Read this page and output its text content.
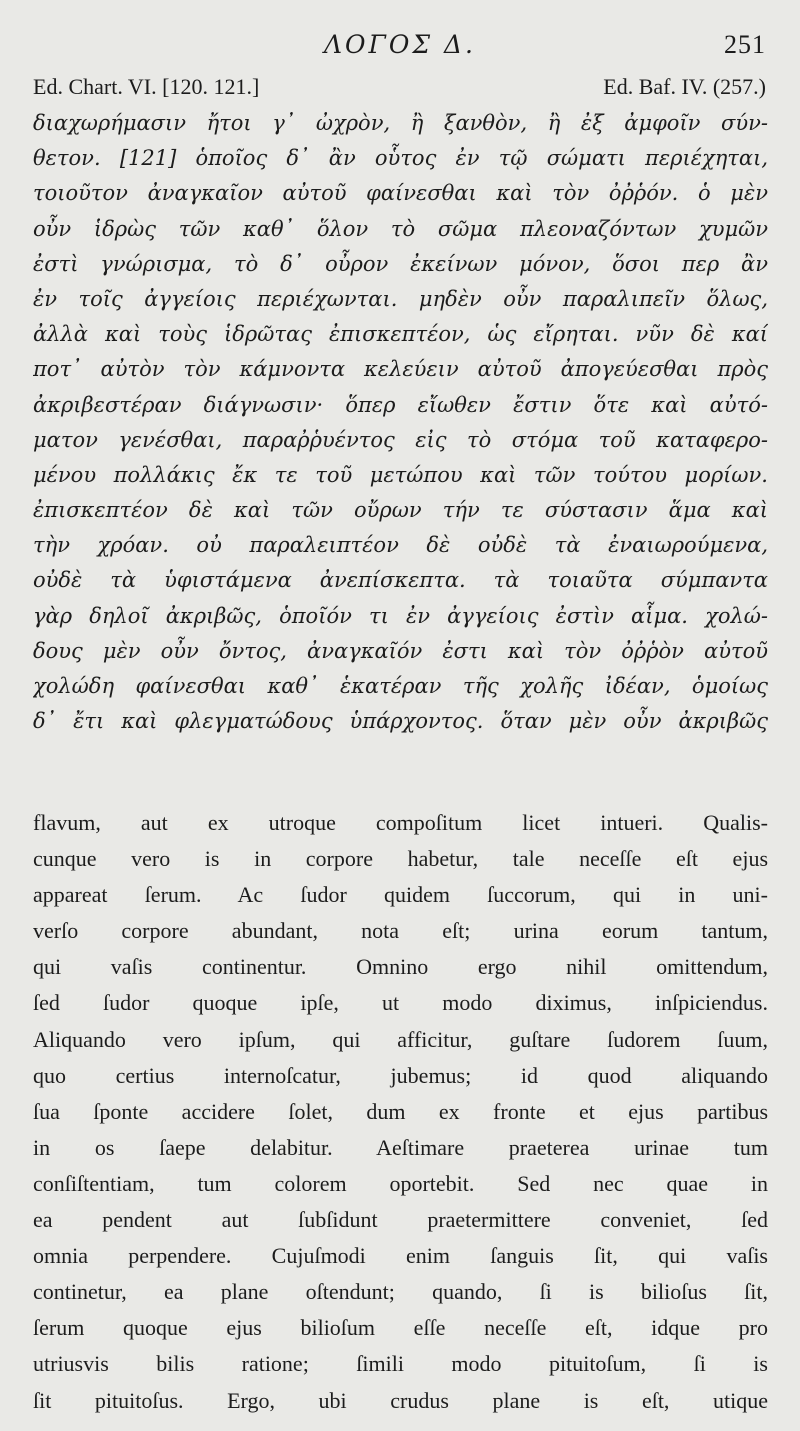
ΛΟΓΟΣ Δ.	251
Ed. Chart. VI. [120. 121.]	Ed. Baf. IV. (257.)
διαχωρήμασιν ἤτοι γ᾽ ὠχρὸν, ἢ ξανθὸν, ἢ ἐξ ἀμφοῖν σύν-
θετον. [121] ὁποῖος δ᾽ ἂν οὗτος ἐν τῷ σώματι περιέχηται,
τοιοῦτον ἀναγκαῖον αὐτοῦ φαίνεσθαι καὶ τὸν ὀῤῥόν. ὁ μὲν
οὖν ἱδρὼς τῶν καθ᾽ ὅλον τὸ σῶμα πλεοναζόντων χυμῶν
ἐστὶ γνώρισμα, τὸ δ᾽ οὖρον ἐκείνων μόνον, ὅσοι περ ἂν
ἐν τοῖς ἀγγείοις περιέχωνται. μηδὲν οὖν παραλιπεῖν ὅλως,
ἀλλὰ καὶ τοὺς ἱδρῶτας ἐπισκεπτέον, ὡς εἴρηται. νῦν δὲ καί
ποτ᾽ αὐτὸν τὸν κάμνοντα κελεύειν αὐτοῦ ἀπογεύεσθαι πρὸς
ἀκριβεστέραν διάγνωσιν· ὅπερ εἴωθεν ἔστιν ὅτε καὶ αὐτό-
ματον γενέσθαι, παραῤῥυέντος εἰς τὸ στόμα τοῦ καταφερο-
μένου πολλάκις ἔκ τε τοῦ μετώπου καὶ τῶν τούτου μορίων.
ἐπισκεπτέον δὲ καὶ τῶν οὔρων τήν τε σύστασιν ἅμα καὶ
τὴν χρόαν. οὐ παραλειπτέον δὲ οὐδὲ τὰ ἐναιωρούμενα,
οὐδὲ τὰ ὑφιστάμενα ἀνεπίσκεπτα. τὰ τοιαῦτα σύμπαντα
γὰρ δηλοῖ ἀκριβῶς, ὁποῖόν τι ἐν ἀγγείοις ἐστὶν αἷμα. χολώ-
δους μὲν οὖν ὄντος, ἀναγκαῖόν ἐστι καὶ τὸν ὀῤῥὸν αὐτοῦ
χολώδη φαίνεσθαι καθ᾽ ἑκατέραν τῆς χολῆς ἰδέαν, ὁμοίως
δ᾽ ἔτι καὶ φλεγματώδους ὑπάρχοντος. ὅταν μὲν οὖν ἀκριβῶς
flavum, aut ex utroque compoſitum licet intueri. Qualis-
cunque vero is in corpore habetur, tale neceſſe eſt ejus
appareat ſerum. Ac ſudor quidem ſuccorum, qui in uni-
verſo corpore abundant, nota eſt; urina eorum tantum,
qui vaſis continentur. Omnino ergo nihil omittendum,
ſed ſudor quoque ipſe, ut modo diximus, inſpiciendus.
Aliquando vero ipſum, qui afficitur, guſtare ſudorem ſuum,
quo certius internoſcatur, jubemus; id quod aliquando
ſua ſponte accidere ſolet, dum ex fronte et ejus partibus
in os ſaepe delabitur. Aeſtimare praeterea urinae tum
conſiſtentiam, tum colorem oportebit. Sed nec quae in
ea pendent aut ſubſidunt praetermittere conveniet, ſed
omnia perpendere. Cujuſmodi enim ſanguis ſit, qui vaſis
continetur, ea plane oſtendunt; quando, ſi is bilioſus ſit,
ſerum quoque ejus bilioſum eſſe neceſſe eſt, idque pro
utriusvis bilis ratione; ſimili modo pituitoſum, ſi is
ſit pituitoſus. Ergo, ubi crudus plane is eſt, utique
